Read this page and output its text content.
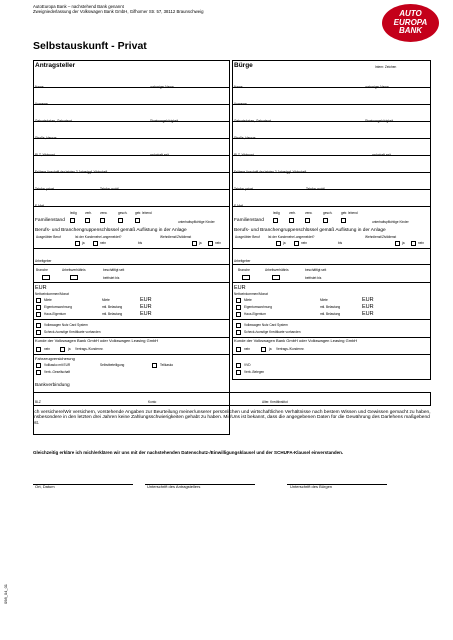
AutoEuropa Bank – nachstehend Bank genannt
Zweigniederlassung der Volkswagen Bank GmbH, Gifhorner Str. 57, 38112 Braunschweig	AUTO
EUROPA
BANK
Selbstauskunft - Privat
Antragsteller
Name	vorheriger Name
Vorname
Geburtsdatum, Geburtsort	Staatsangehörigkeit
Straße, Hausnr.
PLZ, Wohnort	wohnhaft seit
Frühere Anschrift der letzten 3 Jahre/ggf. Wohnhaft
Telefon privat	Telefon mobil
E-Mail
Familienstand
ledig	verh. verw.	gesch. getr. lebend
unterhaltspflichtige Kinder
Berufs- und Branchengruppenschlüssel gemäß Auflistung in der Anlage
Ausgeübter Beruf	Ist der Kundenehe/-angemeldet?	Wehrdienst/Zivildienst
ja	nein	bis	ja	nein
Arbeitgeber
Branche	Arbeitsverhältnis	beschäftigt seit
befristet bis
EUR
Nettoeinkommen/Monat
Miete	Miete	EUR
Eigentumswohnung	mtl. Belastung	EUR
Haus-Eigentum	mtl. Belastung	EUR
Volkswagen Nutz Card System
Scheck-/sonstige Kreditkarte vorhanden
Kunde der Volkswagen Bank GmbH oder Volkswagen Leasing GmbH
nein	ja Vertrags-/Kundennr.
Fahrzeugversicherung
Vollkasko mit EUR	Selbstbeteiligung	Teilkasko
Verb.-Gesellschaft
Bürge	Intern: Zeichen
Name	vorheriger Name
Vorname
Geburtsdatum, Geburtsort	Staatsangehörigkeit
Straße, Hausnr.
PLZ, Wohnort	wohnhaft seit
Frühere Anschrift der letzten 3 Jahre/ggf. Wohnhaft
Telefon privat	Telefon mobil
E-Mail
Familienstand
ledig	verh.	verw.	gesch.	getr. lebend
unterhaltspflichtige Kinder
Berufs- und Branchengruppenschlüssel gemäß Auflistung in der Anlage
Ausgeübter Beruf	Ist der Kundenehe/-angemeldet?	Wehrdienst/Zivildienst
ja	nein	bis	ja	nein
Arbeitgeber
Branche	Arbeitsverhältnis	beschäftigt seit
befristet bis
EUR
Nettoeinkommen/Monat
Miete	Miete	EUR
Eigentumswohnung	mtl. Belastung	EUR
Haus-Eigentum	mtl. Belastung	EUR
Volkswagen Nutz Card System
Scheck-/sonstige Kreditkarte vorhanden
Kunde der Volkswagen Bank GmbH oder Volkswagen Leasing GmbH
nein	ja Vertrags-/Kundennr.
VVD
Verb.-Belegen
Bankverbindung
BLZ	Konto	Alter. Kreditinstitut
Ich versichere/Wir versichern, vorstehende Angaben zur Beurteilung meiner/unserer persönlichen und wirtschaftlichen Verhältnisse nach bestem Wissen und Gewissen gemacht zu haben, insbesondere in den letzten drei Jahren keine Zahlungsschwierigkeiten gehabt zu haben. Mir/Uns ist bekannt, dass die angegebenen Daten für die Gewährung des Darlehens maßgebend ist.
Gleichzeitig erkläre ich mich/erklären wir uns mit der nachstehenden Datenschutz-/Einwilligungsklausel und der SCHUFA-Klausel einverstanden.
Ort, Datum	Unterschrift des Antragstellers	Unterschrift des Bürgen
098_04_01
